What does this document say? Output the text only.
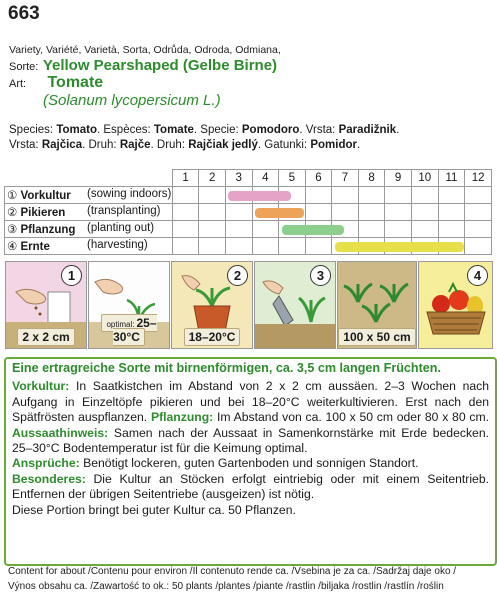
663
Variety, Variété, Varietà, Sorta, Odrůda, Odroda, Odmiana,
Sorte: Yellow Pearshaped (Gelbe Birne)
Art: Tomate
(Solanum lycopersicum L.)
Species: Tomato. Espèces: Tomate. Specie: Pomodoro. Vrsta: Paradižnik.
Vrsta: Rajčica. Druh: Rajče. Druh: Rajčiak jedlý. Gatunki: Pomidor.
	1	2	3	4	5	6	7	8	9	10	11	12
① Vorkultur (sowing indoors)												

② Pikieren (transplanting)												

③ Pflanzung (planting out)												

④ Ernte (harvesting)												

1
2 x 2 cm
optimal: 25–30°C
2
18–20°C
3
100 x 50 cm
4
Eine ertragreiche Sorte mit birnenförmigen, ca. 3,5 cm langen Früchten.

Vorkultur: In Saatkistchen im Abstand von 2 x 2 cm aussäen. 2–3 Wochen nach Aufgang in Einzeltöpfe pikieren und bei 18–20°C weiterkultivieren. Erst nach den Spätfrösten auspflanzen. Pflanzung: Im Abstand von ca. 100 x 50 cm oder 80 x 80 cm. Aussaathinweis: Samen nach der Aussaat in Samenkornstärke mit Erde bedecken. 25–30°C Bodentemperatur ist für die Keimung optimal.
Ansprüche: Benötigt lockeren, guten Gartenboden und sonnigen Standort.
Besonderes: Die Kultur an Stöcken erfolgt eintriebig oder mit einem Seitentrieb. Entfernen der übrigen Seitentriebe (ausgeizen) ist nötig.
Diese Portion bringt bei guter Kultur ca. 50 Pflanzen.

Content for about /Contenu pour environ /Il contenuto rende ca. /Vsebina je za ca. /Sadržaj daje oko /
Výnos obsahu ca. /Zawartość to ok.: 50 plants /plantes /piante /rastlin /biljaka /rostlin /rastlín /roślin
